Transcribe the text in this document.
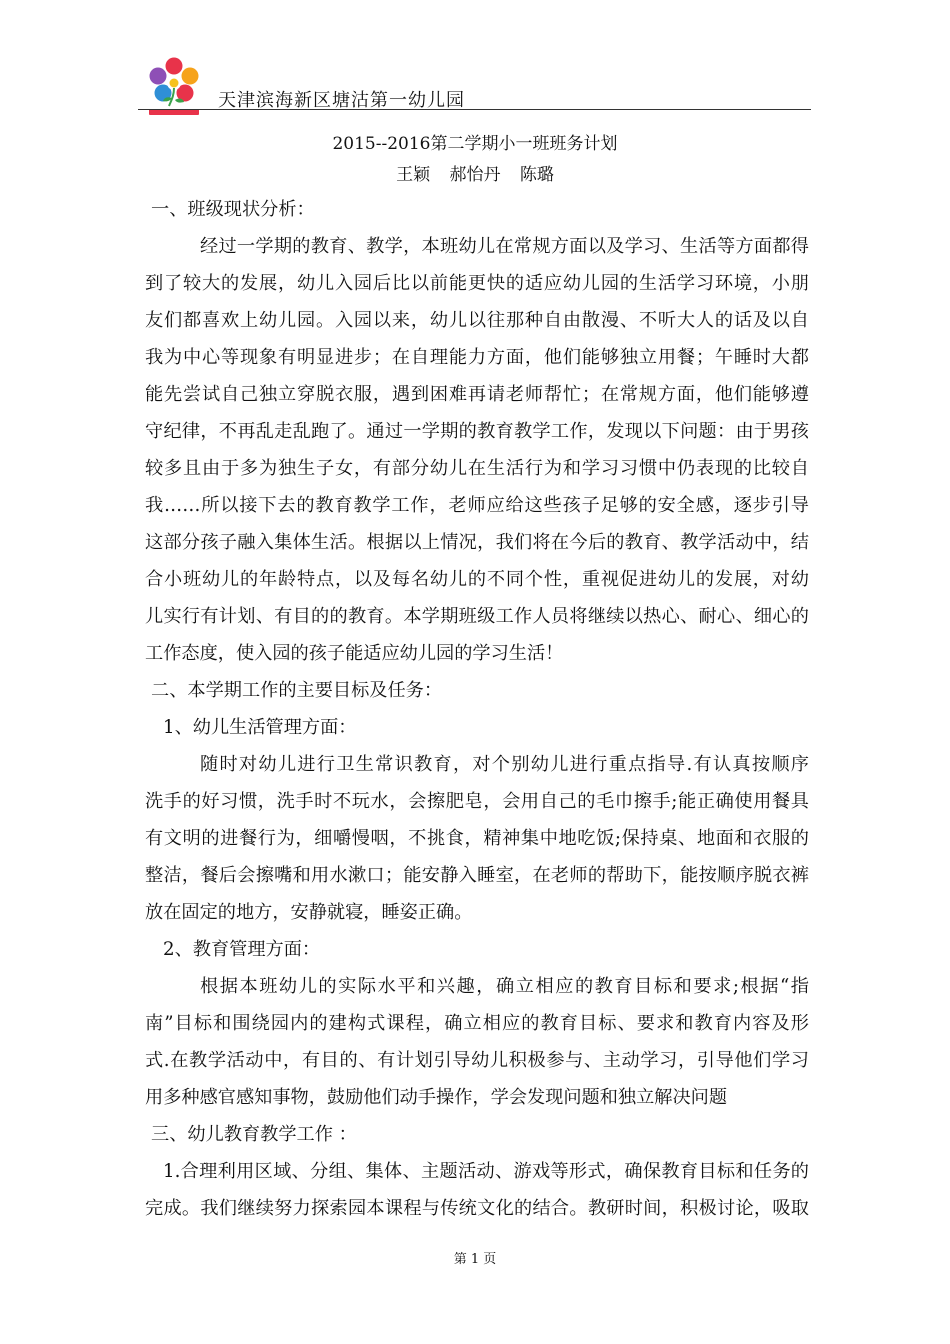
天津滨海新区塘沽第一幼儿园
2015--2016第二学期小一班班务计划
王颖 郝怡丹 陈璐
一、班级现状分析：
经过一学期的教育、教学，本班幼儿在常规方面以及学习、生活等方面都得
到了较大的发展，幼儿入园后比以前能更快的适应幼儿园的生活学习环境，小朋
友们都喜欢上幼儿园。入园以来，幼儿以往那种自由散漫、不听大人的话及以自
我为中心等现象有明显进步；在自理能力方面，他们能够独立用餐；午睡时大都
能先尝试自己独立穿脱衣服，遇到困难再请老师帮忙；在常规方面，他们能够遵
守纪律，不再乱走乱跑了。通过一学期的教育教学工作，发现以下问题：由于男孩
较多且由于多为独生子女，有部分幼儿在生活行为和学习习惯中仍表现的比较自
我……所以接下去的教育教学工作，老师应给这些孩子足够的安全感，逐步引导
这部分孩子融入集体生活。根据以上情况，我们将在今后的教育、教学活动中，结
合小班幼儿的年龄特点，以及每名幼儿的不同个性，重视促进幼儿的发展，对幼
儿实行有计划、有目的的教育。本学期班级工作人员将继续以热心、耐心、细心的
工作态度，使入园的孩子能适应幼儿园的学习生活！
二、本学期工作的主要目标及任务：
1、幼儿生活管理方面：
随时对幼儿进行卫生常识教育，对个别幼儿进行重点指导.有认真按顺序
洗手的好习惯，洗手时不玩水，会擦肥皂，会用自己的毛巾擦手;能正确使用餐具
有文明的进餐行为，细嚼慢咽，不挑食，精神集中地吃饭;保持桌、地面和衣服的
整洁，餐后会擦嘴和用水漱口；能安静入睡室，在老师的帮助下，能按顺序脱衣裤
放在固定的地方，安静就寝，睡姿正确。
2、教育管理方面：
根据本班幼儿的实际水平和兴趣，确立相应的教育目标和要求;根据“指
南”目标和围绕园内的建构式课程，确立相应的教育目标、要求和教育内容及形
式.在教学活动中，有目的、有计划引导幼儿积极参与、主动学习，引导他们学习
用多种感官感知事物，鼓励他们动手操作，学会发现问题和独立解决问题
三、幼儿教育教学工作 ：
1.合理利用区域、分组、集体、主题活动、游戏等形式，确保教育目标和任务的
完成。我们继续努力探索园本课程与传统文化的结合。教研时间，积极讨论，吸取
第 1 页
